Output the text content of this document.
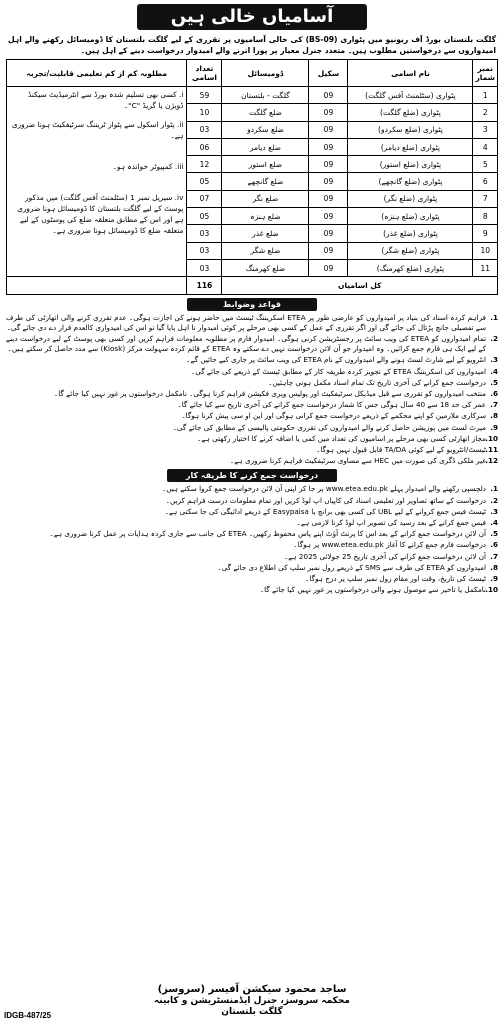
آسامیاں خالی ہیں
گلگت بلتستان بورڈ آف ریونیو میں پٹواری (BS-09) کی خالی آسامیوں پر تقرری کے لیے گلگت بلتستان کا ڈومیسائل رکھنے والے اہل امیدواروں سے درخواستیں مطلوب ہیں۔ متعدد جنرل معیار پر پورا اترنے والے امیدوار درخواست دینے کے اہل ہیں۔
نمبر شمار	نام اسامی	سکیل	ڈومیسائل	تعداد اسامی	مطلوبہ کم از کم تعلیمی قابلیت/تجربہ
1	پٹواری (سٹلمنٹ آفس گلگت)	09	گلگت - بلتستان	59	i. کسی بھی تسلیم شدہ بورڈ سے انٹرمیڈیٹ سیکنڈ ڈویژن یا گریڈ "C"۔

ii. پٹوار اسکول سے پٹوار ٹریننگ سرٹیفکیٹ ہونا ضروری ہے۔

iii. کمپیوٹر خواندہ ہو۔

iv. سیریل نمبر 1 (سٹلمنٹ آفس گلگت) میں مذکور پوسٹ کے لیے گلگت بلتستان کا ڈومیسائل ہونا ضروری ہے اور اس کے مطابق متعلقہ ضلع کی پوسٹوں کے لیے متعلقہ ضلع کا ڈومیسائل ہونا ضروری ہے۔

2	پٹواری (ضلع گلگت)	09	ضلع گلگت	10	
3	پٹواری (ضلع سکردو)	09	ضلع سکردو	03	
4	پٹواری (ضلع دیامر)	09	ضلع دیامر	06	
5	پٹواری (ضلع استور)	09	ضلع استور	12	
6	پٹواری (ضلع گانچھے)	09	ضلع گانچھے	05	
7	پٹواری (ضلع نگر)	09	ضلع نگر	07	
8	پٹواری (ضلع ہنزہ)	09	ضلع ہنزہ	05	
9	پٹواری (ضلع غذر)	09	ضلع غذر	03	
10	پٹواری (ضلع شگر)	09	ضلع شگر	03	
11	پٹواری (ضلع کھرمنگ)	09	ضلع کھرمنگ	03	
کل اسامیاں				116	
قواعد وضوابط
1.
فراہم کردہ اسناد کی بنیاد پر امیدواروں کو عارضی طور پر ETEA اسکریننگ ٹیسٹ میں حاضر ہونے کی اجازت ہوگی۔ عدم تقرری کرنے والی اتھارٹی کی طرف سے تفصیلی جانچ پڑتال کی جائے گی اور اگر تقرری کے عمل کے کسی بھی مرحلے پر کوئی امیدوار نا اہل پایا گیا تو اس کی امیدواری کالعدم قرار دے دی جائے گی۔
2.
تمام امیدواروں کو ETEA کی ویب سائٹ پر رجسٹریشن کرنی ہوگی۔ امیدوار فارم پر مطلوبہ معلومات فراہم کریں اور کسی بھی پوسٹ کے لیے درخواست دینے کے لیے ایک ہی فارم جمع کرائیں۔ وہ امیدوار جو آن لائن درخواست نہیں دے سکتے وہ ETEA کے قائم کردہ سہولت مرکز (Kiosk) سے مدد حاصل کر سکتے ہیں۔
3.
انٹرویو کے لیے شارٹ لسٹ ہونے والے امیدواروں کے نام ETEA کی ویب سائٹ پر جاری کیے جائیں گے۔
4.
امیدواروں کی اسکریننگ ETEA کے تجویز کردہ طریقہ کار کے مطابق ٹیسٹ کے ذریعے کی جائے گی۔
5.
درخواست جمع کرانے کی آخری تاریخ تک تمام اسناد مکمل ہونی چاہئیں۔
6.
منتخب امیدواروں کو تقرری سے قبل میڈیکل سرٹیفکیٹ اور پولیس ویری فکیشن فراہم کرنا ہوگی۔ نامکمل درخواستوں پر غور نہیں کیا جائے گا۔
7.
عمر کی حد 18 سے 40 سال ہوگی جس کا شمار درخواست جمع کرانے کی آخری تاریخ سے کیا جائے گا۔
8.
سرکاری ملازمین کو اپنے محکمے کے ذریعے درخواست جمع کرانی ہوگی اور این او سی پیش کرنا ہوگا۔
9.
میرٹ لسٹ میں پوزیشن حاصل کرنے والے امیدواروں کی تقرری حکومتی پالیسی کے مطابق کی جائے گی۔
10.
مجاز اتھارٹی کسی بھی مرحلے پر اسامیوں کی تعداد میں کمی یا اضافہ کرنے کا اختیار رکھتی ہے۔
11.
ٹیسٹ/انٹرویو کے لیے کوئی TA/DA قابل قبول نہیں ہوگا۔
12.
غیر ملکی ڈگری کی صورت میں HEC سے مساوی سرٹیفکیٹ فراہم کرنا ضروری ہے۔
درخواست جمع کرنے کا طریقہ کار
1.
دلچسپی رکھنے والے امیدوار پہلے www.etea.edu.pk پر جا کر اپنی آن لائن درخواست جمع کروا سکتے ہیں۔
2.
درخواست کے ساتھ تصاویر اور تعلیمی اسناد کی کاپیاں اپ لوڈ کریں اور تمام معلومات درست فراہم کریں۔
3.
ٹیسٹ فیس جمع کروانے کے لیے UBL کی کسی بھی برانچ یا Easypaisa کے ذریعے ادائیگی کی جا سکتی ہے۔
4.
فیس جمع کرانے کے بعد رسید کی تصویر اپ لوڈ کرنا لازمی ہے۔
5.
آن لائن درخواست جمع کرانے کے بعد اس کا پرنٹ آؤٹ اپنے پاس محفوظ رکھیں۔ ETEA کی جانب سے جاری کردہ ہدایات پر عمل کرنا ضروری ہے۔
6.
درخواست فارم جمع کرانے کا آغاز www.etea.edu.pk پر ہوگا۔
7.
آن لائن درخواست جمع کرانے کی آخری تاریخ 25 جولائی 2025 ہے۔
8.
امیدواروں کو ETEA کی طرف سے SMS کے ذریعے رول نمبر سلپ کی اطلاع دی جائے گی۔
9.
ٹیسٹ کی تاریخ، وقت اور مقام رول نمبر سلپ پر درج ہوگا۔
10.
نامکمل یا تاخیر سے موصول ہونے والی درخواستوں پر غور نہیں کیا جائے گا۔
ساجد محمود سیکشن آفیسر (سروسز)
محکمہ سروسز، جنرل ایڈمنسٹریشن و کابینہ
گلگت بلتستان
IDGB-487/25
